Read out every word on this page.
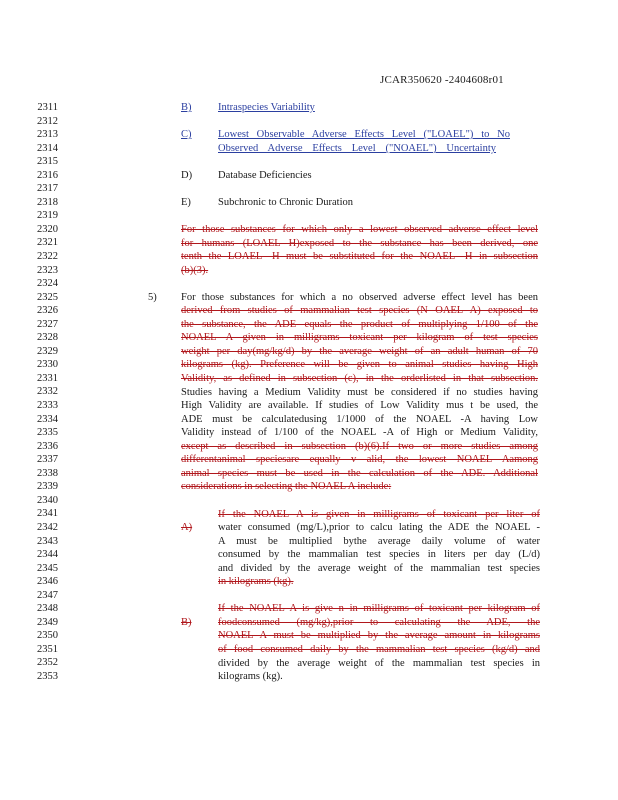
JCAR350620 -2404608r01
2311
2312
2313
2314
2315
2316
2317
2318
2319
2320
2321
2322
2323
2324
2325
2326
2327
2328
2329
2330
2331
2332
2333
2334
2335
2336
2337
2338
2339
2340
2341
2342
2343
2344
2345
2346
2347
2348
2349
2350
2351
2352
2353
B)	Intraspecies Variability
C)	Lowest Observable Adverse Effects Level ("LOAEL") to No
Observed Adverse Effects Level ("NOAEL") Uncertainty
D) Database Deficiencies
E)	Subchronic to Chronic Duration
For those substances for which only a lowest observed adverse effect level
for humans (LOAEL H)exposed to the substance has been derived, one
tenth the LOAEL -H must be substituted for the NOAEL -H in subsection
(b)(3).
5) For those substances for which a no observed adverse effect level has been
derived from studies of mammalian test species (N OAEL A) exposed to
the substance, the ADE equals the product of multiplying 1/100 of the
NOAEL A given in milligrams toxicant per kilogram of test species
weight per day(mg/kg/d) by the average weight of an adult human of 70
kilograms (kg). Preference will be given to animal studies having High
Validity, as defined in subsection (c), in the orderlisted in that subsection.
Studies having a Medium Validity must be considered if no studies having
High Validity are available. If studies of Low Validity mus t be used, the
ADE must be calculatedusing 1/1000 of the NOAEL -A having Low
Validity instead of 1/100 of the NOAEL -A of High or Medium Validity,
except as described in subsection (b)(6).If two or more studies among
differentanimal speciesare equally v alid, the lowest NOAEL Aamong
animal species must be used in the calculation of the ADE. Additional
considerations in selecting the NOAEL A include:
A)
If the NOAEL A is given in milligrams of toxicant per liter of
water consumed (mg/L),prior to calcu lating the ADE the NOAEL -
A must be multiplied bythe average daily volume of water
consumed by the mammalian test species in liters per day (L/d)
and divided by the average weight of the mammalian test species
in kilograms (kg).
B)
If the NOAEL A is give n in milligrams of toxicant per kilogram of
foodconsumed (mg/kg),prior to calculating the ADE, the
NOAEL A must be multiplied by the average amount in kilograms
of food consumed daily by the mammalian test species (kg/d) and
divided by the average weight of the mammalian test species in
kilograms (kg).
